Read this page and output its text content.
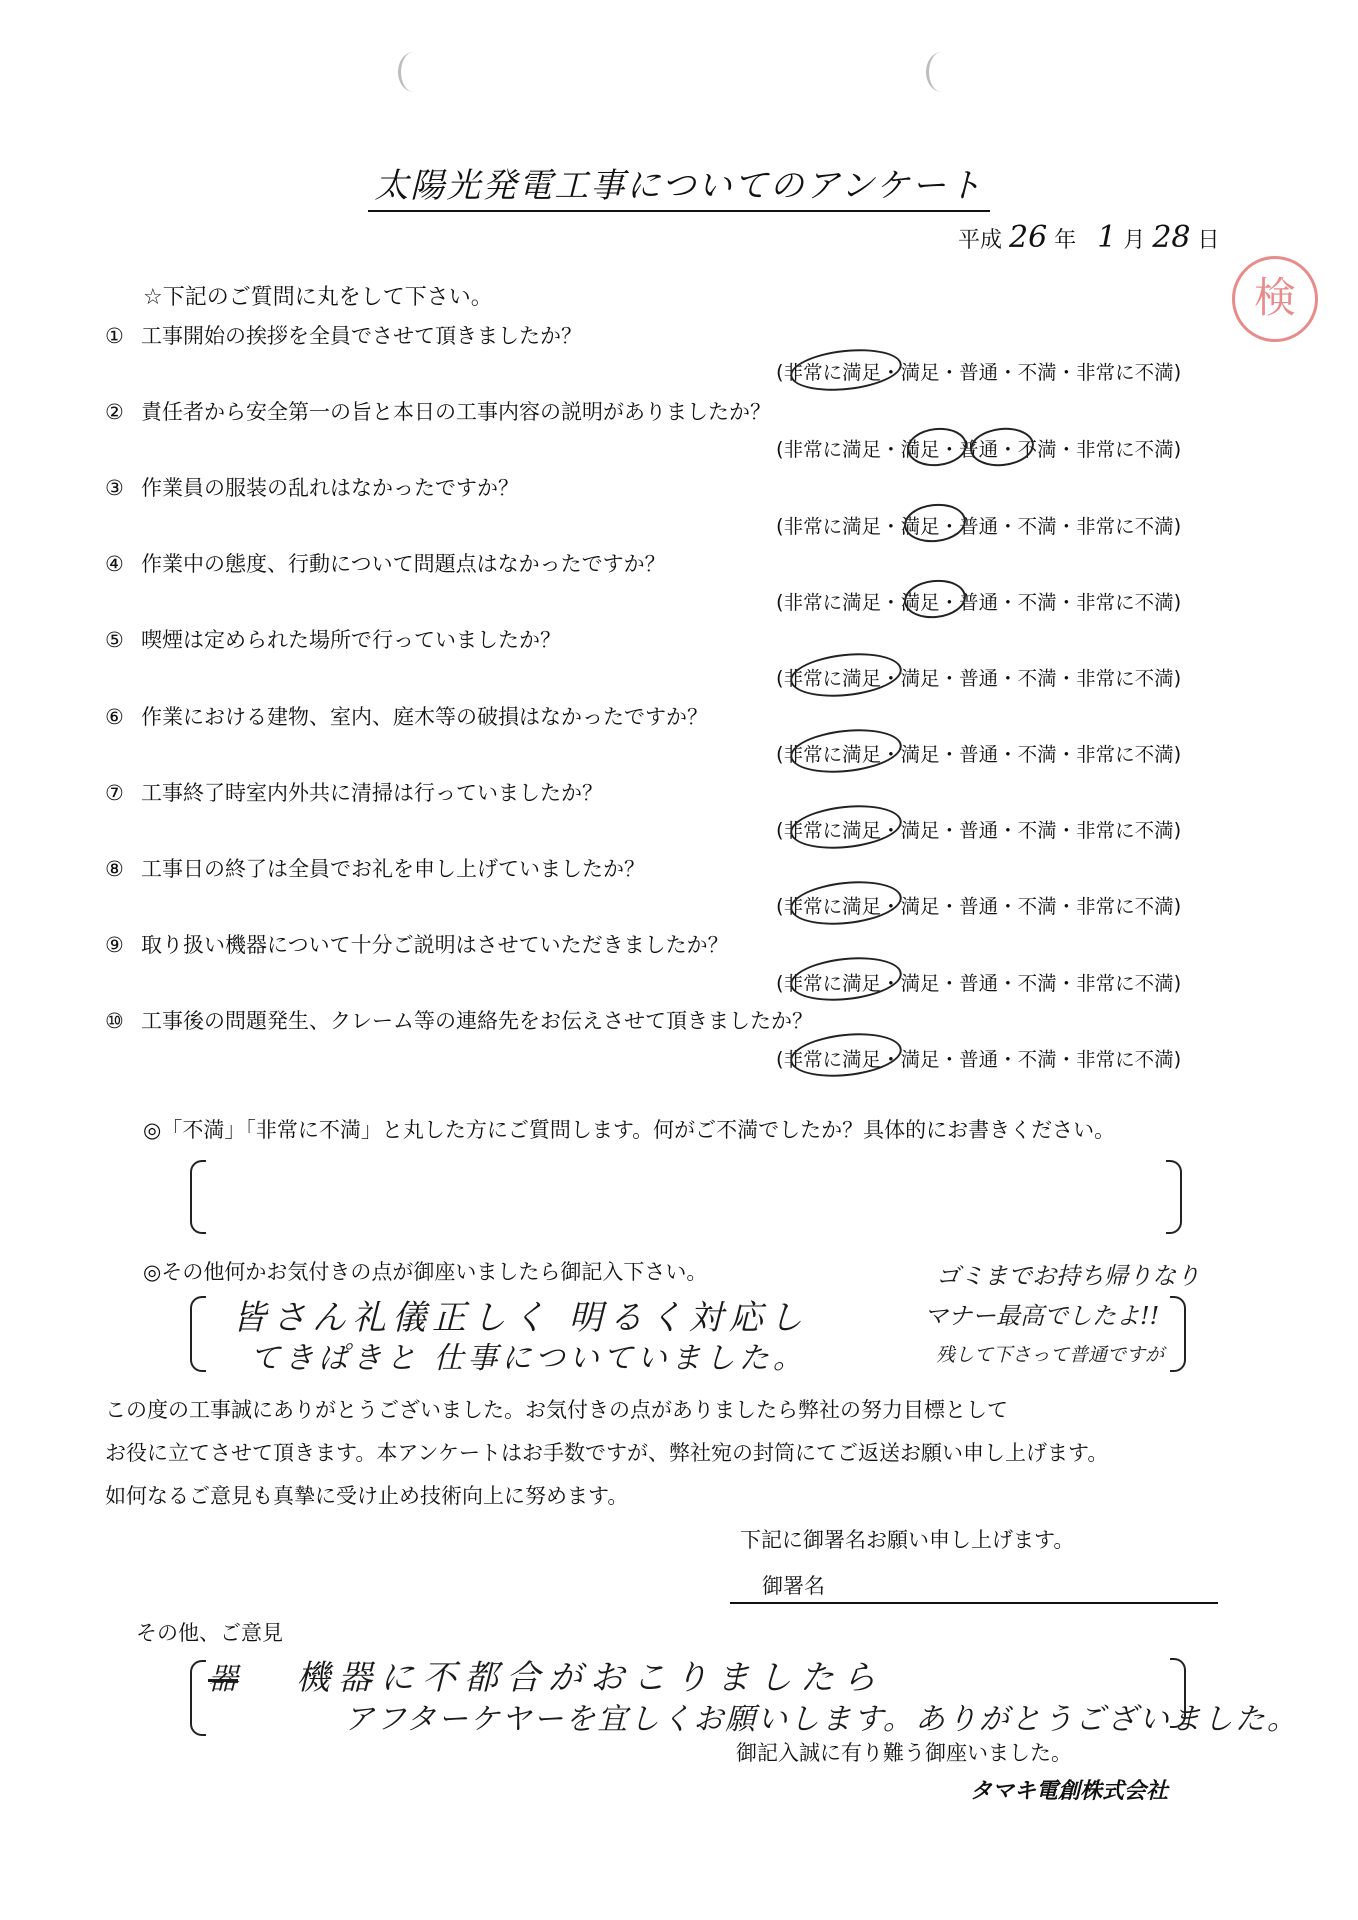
太陽光発電工事についてのアンケート
平成 26 年 1 月 28 日
検
☆下記のご質問に丸をして下さい。
① 工事開始の挨拶を全員でさせて頂きましたか？
(非常に満足・満足・普通・不満・非常に不満)
② 責任者から安全第一の旨と本日の工事内容の説明がありましたか？
(非常に満足・満足・普通・不満・非常に不満)
③ 作業員の服装の乱れはなかったですか？
(非常に満足・満足・普通・不満・非常に不満)
④ 作業中の態度、行動について問題点はなかったですか？
(非常に満足・満足・普通・不満・非常に不満)
⑤ 喫煙は定められた場所で行っていましたか？
(非常に満足・満足・普通・不満・非常に不満)
⑥ 作業における建物、室内、庭木等の破損はなかったですか？
(非常に満足・満足・普通・不満・非常に不満)
⑦ 工事終了時室内外共に清掃は行っていましたか？
(非常に満足・満足・普通・不満・非常に不満)
⑧ 工事日の終了は全員でお礼を申し上げていましたか？
(非常に満足・満足・普通・不満・非常に不満)
⑨ 取り扱い機器について十分ご説明はさせていただきましたか？
(非常に満足・満足・普通・不満・非常に不満)
⑩ 工事後の問題発生、クレーム等の連絡先をお伝えさせて頂きましたか？
(非常に満足・満足・普通・不満・非常に不満)
◎「不満」「非常に不満」と丸した方にご質問します。何がご不満でしたか？具体的にお書きください。
◎その他何かお気付きの点が御座いましたら御記入下さい。
皆さん礼儀正しく 明るく対応し
てきぱきと 仕事についていました。
ゴミまでお持ち帰りなり
マナー最高でしたよ!!
残して下さって普通ですが
この度の工事誠にありがとうございました。お気付きの点がありましたら弊社の努力目標として
お役に立てさせて頂きます。本アンケートはお手数ですが、弊社宛の封筒にてご返送お願い申し上げます。
如何なるご意見も真摯に受け止め技術向上に努めます。
下記に御署名お願い申し上げます。
御署名
その他、ご意見
器 機器に不都合がおこりましたら
アフターケヤーを宜しくお願いします。ありがとうございました。
御記入誠に有り難う御座いました。
タマキ電創株式会社
